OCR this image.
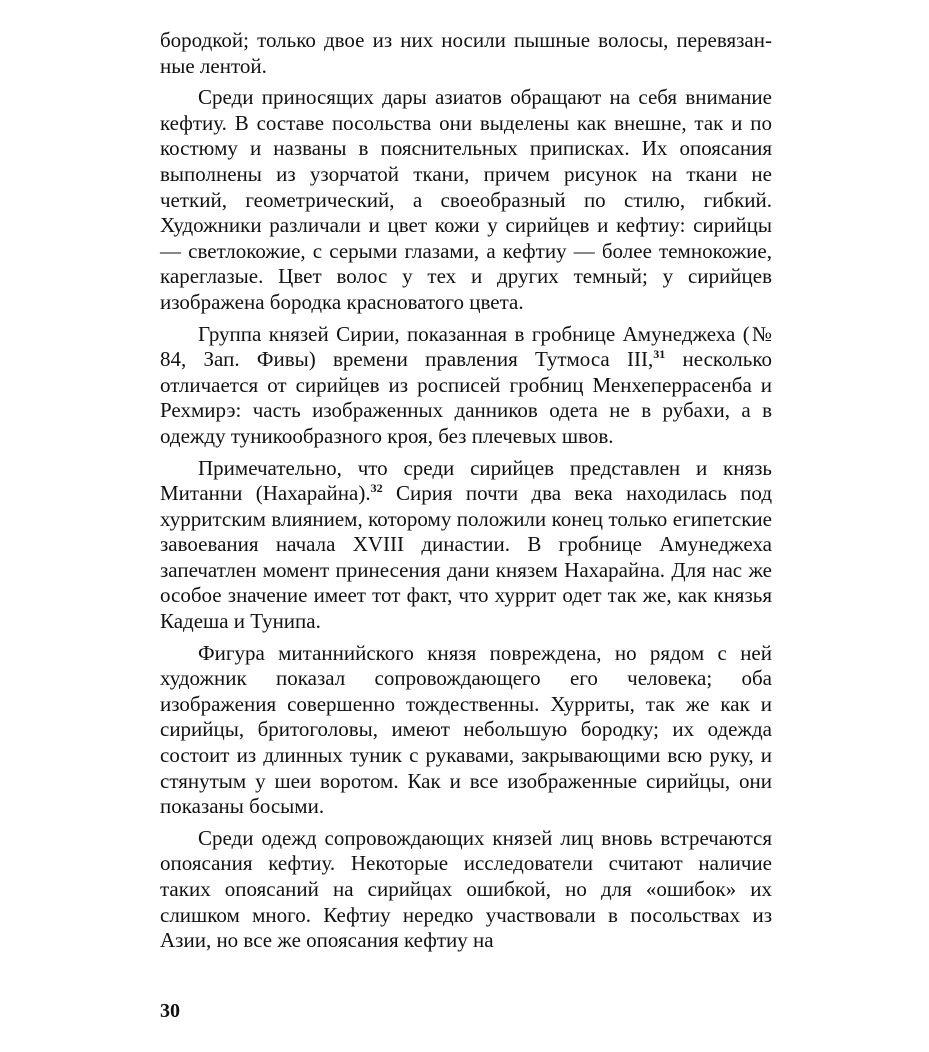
бородкой; только двое из них носили пышные волосы, перевязанные лентой.

Среди приносящих дары азиатов обращают на себя внимание кефтиу. В составе посольства они выделены как внешне, так и по костюму и названы в пояснительных приписках. Их опоясания выполнены из узорчатой ткани, причем рисунок на ткани не четкий, геометрический, а своеобразный по стилю, гибкий. Художники различали и цвет кожи у сирийцев и кефтиу: сирийцы — светлокожие, с серыми глазами, а кефтиу — более темнокожие, кареглазые. Цвет волос у тех и других темный; у сирийцев изображена бородка красноватого цвета.

Группа князей Сирии, показанная в гробнице Амунеджеха (№ 84, Зап. Фивы) времени правления Тутмоса III,$^{31}$ несколько отличается от сирийцев из росписей гробниц Менхеперрасенба и Рехмирэ: часть изображенных данников одета не в рубахи, а в одежду туникообразного кроя, без плечевых швов.

Примечательно, что среди сирийцев представлен и князь Митанни (Нахарайна).$^{32}$ Сирия почти два века находилась под хурритским влиянием, которому положили конец только египетские завоевания начала XVIII династии. В гробнице Амунеджеха запечатлен момент принесения дани князем Нахарайна. Для нас же особое значение имеет тот факт, что хуррит одет так же, как князья Кадеша и Тунипа.

Фигура митаннийского князя повреждена, но рядом с ней художник показал сопровождающего его человека; оба изображения совершенно тождественны. Хурриты, так же как и сирийцы, бритоголовы, имеют небольшую бородку; их одежда состоит из длинных туник с рукавами, закрывающими всю руку, и стянутым у шеи воротом. Как и все изображенные сирийцы, они показаны босыми.

Среди одежд сопровождающих князей лиц вновь встречаются опоясания кефтиу. Некоторые исследователи считают наличие таких опоясаний на сирийцах ошибкой, но для «ошибок» их слишком много. Кефтиу нередко участвовали в посольствах из Азии, но все же опоясания кефтиу на

30
